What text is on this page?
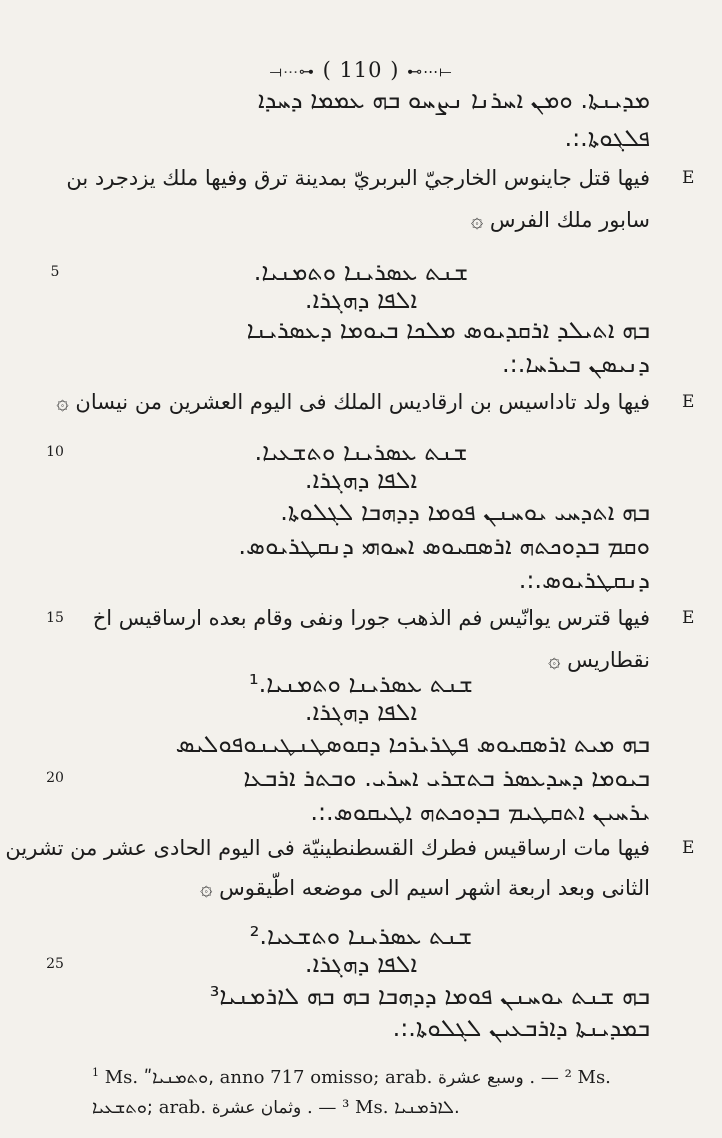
⟞⋯⊶ ( 110 ) ⊷⋯⟝
ܡܕܝܢܬܐ. ܘܡܢ ܐܚܪܢܐ ܢܨܚܘ ܒܗ ܥܡܡܐ ܕܚܕܐ
ܦܠܓܘܬܐ.:.
E
فيها قتل جاينوس الخارجيّ البربريّ بمدينة ترق وفيها ملك يزدجرد بن
سابور ملك الفرس ۞
5	ܫܢܬ ܥܣܪܝܢܐ ܘܬܡܢܝܐ.
ܐܠܦܐ ܕܗܓܪܐ.
ܒܗ ܐܬܝܠܕ ܐܪܩܕܝܘܣ ܡܠܟܐ ܒܝܘܡܐ ܕܥܣܪܝܢܐ
ܕܢܝܣܢ ܒܝܪܚܐ.:.
E
فيها ولد تاداسيس بن ارقاديس الملك فى اليوم العشرين من نيسان ۞
10	ܫܢܬ ܥܣܪܝܢܐ ܘܬܫܥܝܐ.
ܐܠܦܐ ܕܗܓܪܐ.
ܒܗ ܐܬܕܚܝ ܝܘܚܢܢ ܦܘܡܐ ܕܕܗܒܐ ܠܓܠܘܬܐ.
ܘܩܡ ܒܕܘܟܬܗ ܐܪܣܩܝܘܣ ܐܚܘܗܝ ܕܢܩܛܪܝܘܣ.
ܕܢܩܛܪܝܘܣ.:.
15	E
فيها قترس يوانّيس فم الذهب جورا ونفى وقام بعده ارساقيس اخ
نقطاريس ۞
ܫܢܬ ܥܣܪܝܢܐ ܘܬܡܢܝܐ.¹
ܐܠܦܐ ܕܗܓܪܐ.
ܒܗ ܡܝܬ ܐܪܣܩܝܘܣ ܦܛܪܝܪܟܐ ܕܩܘܣܛܢܛܝܢܘܦܘܠܝܣ
20	ܒܝܘܡܐ ܕܚܕܥܣܪ ܒܬܫܪܝ ܐܚܪܝ. ܘܒܬܪ ܐܪܒܥܐ
ܝܪܚܝܢ ܐܬܩܛܝܡ ܒܕܘܟܬܗ ܐܛܝܩܘܣ.:.
E
فيها مات ارساقيس فطرك القسطنطينيّة فى اليوم الحادى عشر من تشرين
الثانى وبعد اربعة اشهر اسيم الى موضعه اطّيقوس ۞
ܫܢܬ ܥܣܪܝܢܐ ܘܬܫܥܝܐ.²
25	ܐܠܦܐ ܕܗܓܪܐ.
ܒܗ ܫܢܬ ܝܘܚܢܢ ܦܘܡܐ ܕܕܗܒܐ ܒܗ ܒܗ ܠܐܪܡܢܝܐ³
ܒܡܕܝܢܬܐ ܕܐܪܒܥܝܢ ܠܓܠܘܬܐ.:.
$^1$ Ms. ʺܘܬܡܢܝܐ, anno 717 omisso; arab. وسبع عشرة . — ² Ms.
ܘܬܫܥܝܐ; arab. وثمان عشرة . — ³ Ms. ܠܐܪܡܢܝܐ.
